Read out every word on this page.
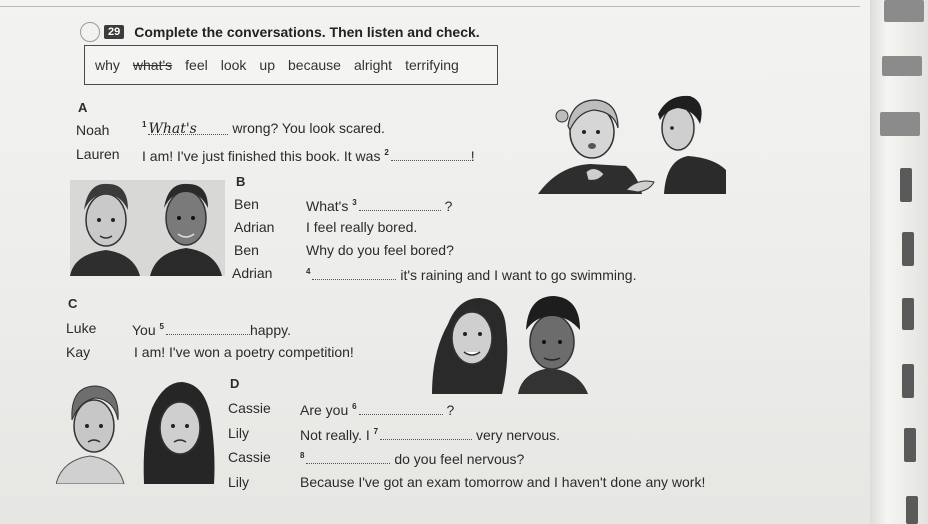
29 Complete the conversations. Then listen and check.
why what's feel look up because alright terrifying
A
Noah	$^1$ What's	wrong? You look scared.
Lauren I am! I've just finished this book. It was $^2$	!
B
Ben	What's $^3$	?
Adrian I feel really bored.
Ben	Why do you feel bored?
Adrian	$^4$	it's raining and I want to go swimming.
C
Luke	You $^5$	happy.
Kay	I am! I've won a poetry competition!
D
Cassie Are you $^6$	?
Lily	Not really. I $^7$	very nervous.
Cassie	$^8$	do you feel nervous?
Lily	Because I've got an exam tomorrow and I haven't done any work!
